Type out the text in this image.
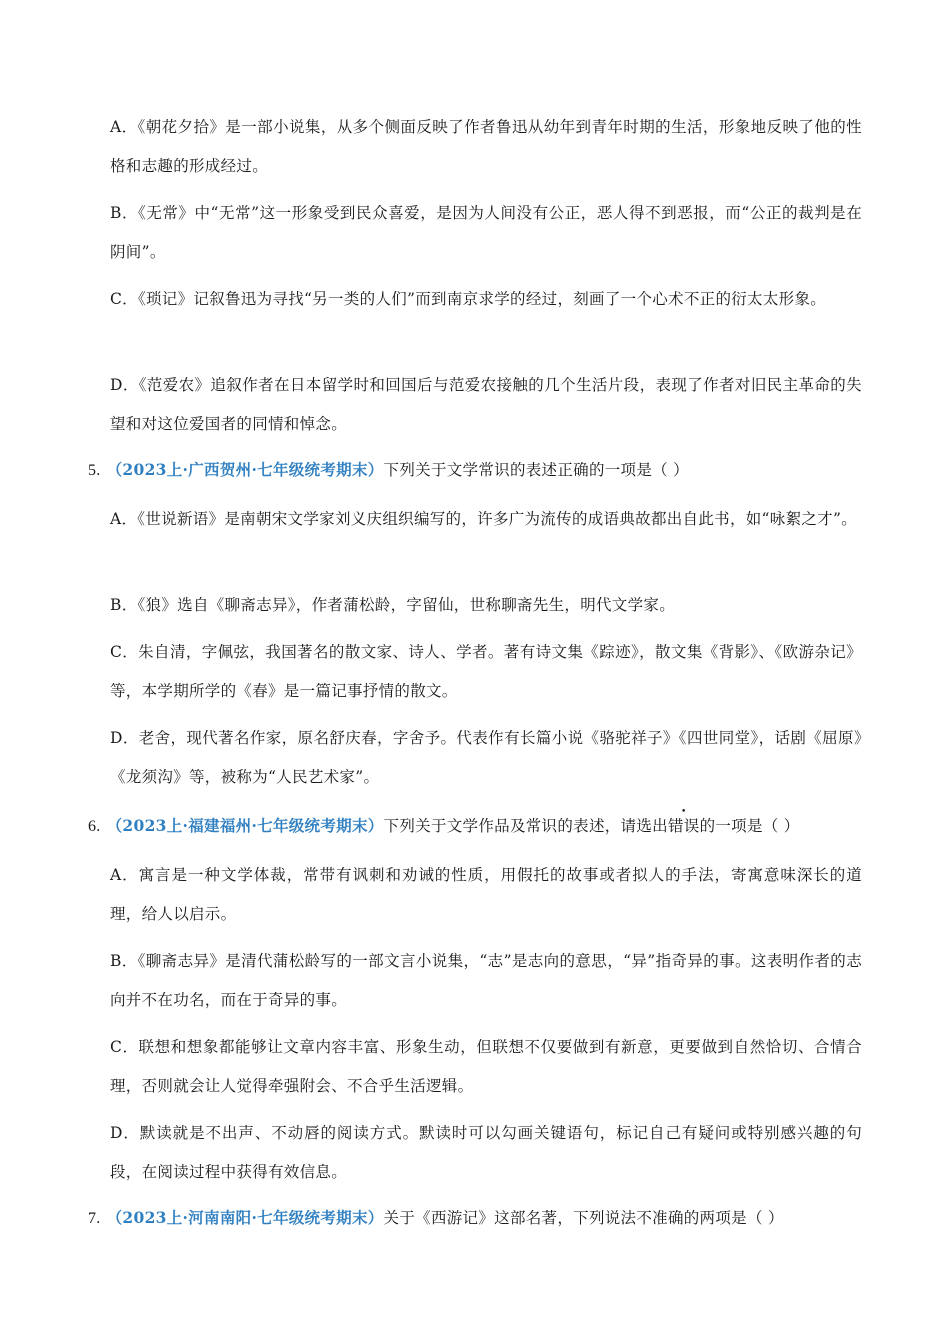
A．《朝花夕拾》是一部小说集，从多个侧面反映了作者鲁迅从幼年到青年时期的生活，形象地反映了他的性格和志趣的形成经过。
B．《无常》中“无常”这一形象受到民众喜爱，是因为人间没有公正，恶人得不到恶报，而“公正的裁判是在阴间”。
C．《琐记》记叙鲁迅为寻找“另一类的人们”而到南京求学的经过，刻画了一个心术不正的衍太太形象。
D．《范爱农》追叙作者在日本留学时和回国后与范爱农接触的几个生活片段，表现了作者对旧民主革命的失望和对这位爱国者的同情和悼念。
5. （2023上·广西贺州·七年级统考期末）下列关于文学常识的表述正确的一项是（ ）
A．《世说新语》是南朝宋文学家刘义庆组织编写的，许多广为流传的成语典故都出自此书，如“咏絮之才”。
B．《狼》选自《聊斋志异》，作者蒲松龄，字留仙，世称聊斋先生，明代文学家。
C．朱自清，字佩弦，我国著名的散文家、诗人、学者。著有诗文集《踪迹》，散文集《背影》、《欧游杂记》等，本学期所学的《春》是一篇记事抒情的散文。
D．老舍，现代著名作家，原名舒庆春，字舍予。代表作有长篇小说《骆驼祥子》《四世同堂》，话剧《屈原》《龙须沟》等，被称为“人民艺术家”。
6. （2023上·福建福州·七年级统考期末）下列关于文学作品及常识的表述，请选出错误的一项是（ ）
A．寓言是一种文学体裁，常带有讽刺和劝诫的性质，用假托的故事或者拟人的手法，寄寓意味深长的道理，给人以启示。
B．《聊斋志异》是清代蒲松龄写的一部文言小说集，“志”是志向的意思，“异”指奇异的事。这表明作者的志向并不在功名，而在于奇异的事。
C．联想和想象都能够让文章内容丰富、形象生动，但联想不仅要做到有新意，更要做到自然恰切、合情合理，否则就会让人觉得牵强附会、不合乎生活逻辑。
D．默读就是不出声、不动唇的阅读方式。默读时可以勾画关键语句，标记自己有疑问或特别感兴趣的句段，在阅读过程中获得有效信息。
7. （2023上·河南南阳·七年级统考期末）关于《西游记》这部名著，下列说法不准确的两项是（ ）
